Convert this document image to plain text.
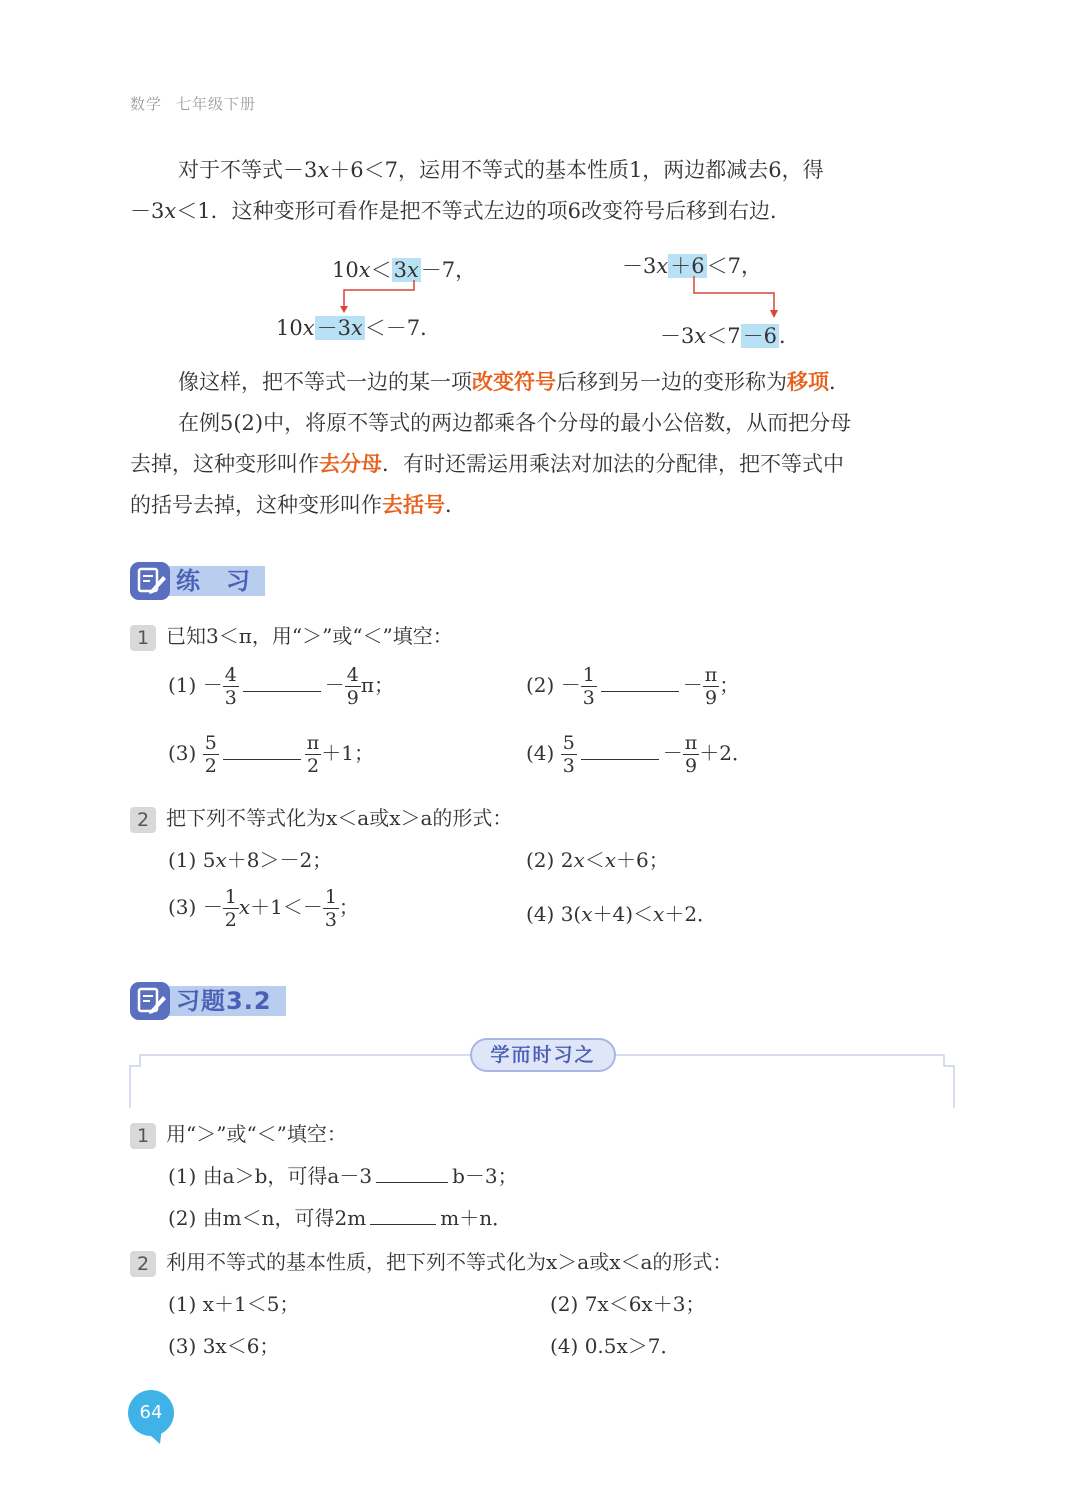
数学 七年级下册
对于不等式－3x＋6＜7，运用不等式的基本性质1，两边都减去6，得
－3x＜1．这种变形可看作是把不等式左边的项6改变符号后移到右边．
10x＜3x－7，
10x－3x＜－7．
－3x＋6＜7，
－3x＜7－6．
像这样，把不等式一边的某一项改变符号后移到另一边的变形称为移项．
在例5(2)中，将原不等式的两边都乘各个分母的最小公倍数，从而把分母
去掉，这种变形叫作去分母．有时还需运用乘法对加法的分配律，把不等式中
的括号去掉，这种变形叫作去括号．
练　习
1 已知3＜π，用“＞”或“＜”填空：
$(1) - \frac{4}{3}$	－ $\frac{4}{9}$ π；	$(2) - \frac{1}{3}$	－ $\frac{\pi}{9}$ ；
$(3) \frac{5}{2}$	$\frac{\pi}{2} +1$；	$(4) \frac{5}{3}$	－ $\frac{\pi}{9} +2$．
2 把下列不等式化为x＜a或x＞a的形式：
(1) 5x＋8＞－2；	(2) 2x＜x＋6；
$(3) - \frac{1}{2} x+1<- \frac{1}{3}$ ；	(4) 3(x＋4)＜x＋2．
习题3.2
学而时习之
1 用“＞”或“＜”填空：
(1) 由a＞b，可得a－3	b－3；
(2) 由m＜n，可得2m	m＋n．
2 利用不等式的基本性质，把下列不等式化为x＞a或x＜a的形式：
(1) x＋1＜5；	(2) 7x＜6x＋3；
(3) 3x＜6；	(4) 0.5x＞7．
64
